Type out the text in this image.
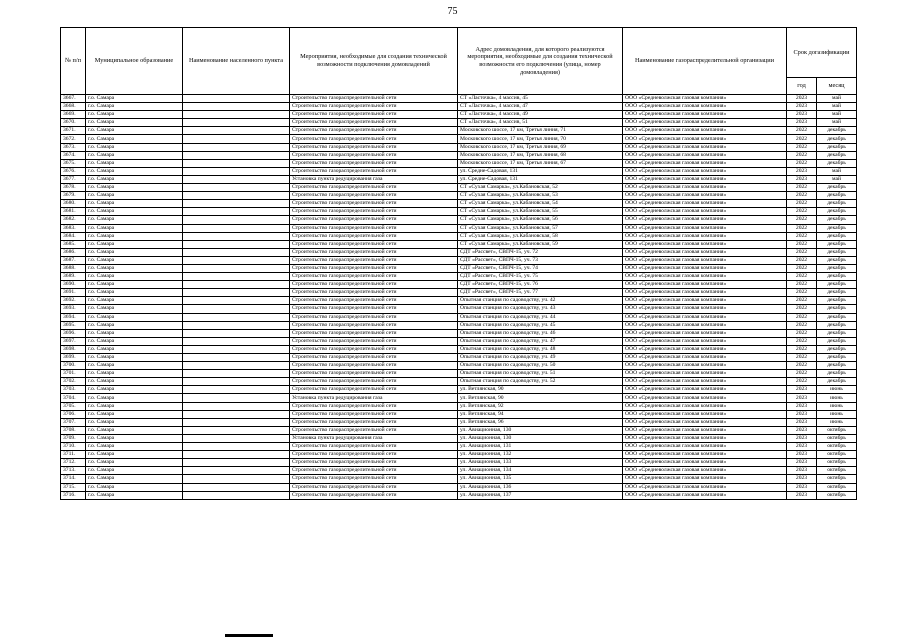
75
№ п/п	Муниципальное образование	Наименование населенного пункта	Мероприятия, необходимые для создания технической возможности подключения домовладений	Адрес домовладения, для которого реализуются мероприятия, необходимые для создания технической возможности его подключения (улица, номер домовладения)	Наименование газораспределительной организации	Срок догазификации	
						год	месяц
3667.	г.о. Самара		Строительство газораспределительной сети	СТ «Ласточка», 4 массив, 45	ООО «Средневолжская газовая компания»	2023	май
3668.	г.о. Самара		Строительство газораспределительной сети	СТ «Ласточка», 4 массив, 47	ООО «Средневолжская газовая компания»	2023	май
3669.	г.о. Самара		Строительство газораспределительной сети	СТ «Ласточка», 4 массив, 49	ООО «Средневолжская газовая компания»	2023	май
3670.	г.о. Самара		Строительство газораспределительной сети	СТ «Ласточка», 4 массив, 51	ООО «Средневолжская газовая компания»	2023	май
3671.	г.о. Самара		Строительство газораспределительной сети	Московского шоссе, 17 км, Третья линия, 71	ООО «Средневолжская газовая компания»	2022	декабрь
3672.	г.о. Самара		Строительство газораспределительной сети	Московского шоссе, 17 км, Третья линия, 70	ООО «Средневолжская газовая компания»	2022	декабрь
3673.	г.о. Самара		Строительство газораспределительной сети	Московского шоссе, 17 км, Третья линия, 69	ООО «Средневолжская газовая компания»	2022	декабрь
3674.	г.о. Самара		Строительство газораспределительной сети	Московского шоссе, 17 км, Третья линия, 68	ООО «Средневолжская газовая компания»	2022	декабрь
3675.	г.о. Самара		Строительство газораспределительной сети	Московского шоссе, 17 км, Третья линия, 67	ООО «Средневолжская газовая компания»	2022	декабрь
3676.	г.о. Самара		Строительство газораспределительной сети	ул. Средне-Садовая, 131	ООО «Средневолжская газовая компания»	2023	май
3677.	г.о. Самара		Установка пункта редуцирования газа	ул. Средне-Садовая, 131	ООО «Средневолжская газовая компания»	2023	май
3678.	г.о. Самара		Строительство газораспределительной сети	СТ «Сухая Самарка», ул.Кабановская, 52	ООО «Средневолжская газовая компания»	2022	декабрь
3679.	г.о. Самара		Строительство газораспределительной сети	СТ «Сухая Самарка», ул.Кабановская, 53	ООО «Средневолжская газовая компания»	2022	декабрь
3680.	г.о. Самара		Строительство газораспределительной сети	СТ «Сухая Самарка», ул.Кабановская, 54	ООО «Средневолжская газовая компания»	2022	декабрь
3681.	г.о. Самара		Строительство газораспределительной сети	СТ «Сухая Самарка», ул.Кабановская, 55	ООО «Средневолжская газовая компания»	2022	декабрь
3682.	г.о. Самара		Строительство газораспределительной сети	СТ «Сухая Самарка», ул.Кабановская, 56	ООО «Средневолжская газовая компания»	2022	декабрь
3683.	г.о. Самара		Строительство газораспределительной сети	СТ «Сухая Самарка», ул.Кабановская, 57	ООО «Средневолжская газовая компания»	2022	декабрь
3684.	г.о. Самара		Строительство газораспределительной сети	СТ «Сухая Самарка», ул.Кабановская, 58	ООО «Средневолжская газовая компания»	2022	декабрь
3685.	г.о. Самара		Строительство газораспределительной сети	СТ «Сухая Самарка», ул.Кабановская, 59	ООО «Средневолжская газовая компания»	2022	декабрь
3686.	г.о. Самара		Строительство газораспределительной сети	СДТ «Рассвет», СВПЧ-15, уч. 72	ООО «Средневолжская газовая компания»	2022	декабрь
3687.	г.о. Самара		Строительство газораспределительной сети	СДТ «Рассвет», СВПЧ-15, уч. 73	ООО «Средневолжская газовая компания»	2022	декабрь
3688.	г.о. Самара		Строительство газораспределительной сети	СДТ «Рассвет», СВПЧ-15, уч. 74	ООО «Средневолжская газовая компания»	2022	декабрь
3689.	г.о. Самара		Строительство газораспределительной сети	СДТ «Рассвет», СВПЧ-15, уч. 75	ООО «Средневолжская газовая компания»	2022	декабрь
3690.	г.о. Самара		Строительство газораспределительной сети	СДТ «Рассвет», СВПЧ-15, уч. 76	ООО «Средневолжская газовая компания»	2022	декабрь
3691.	г.о. Самара		Строительство газораспределительной сети	СДТ «Рассвет», СВПЧ-15, уч. 77	ООО «Средневолжская газовая компания»	2022	декабрь
3692.	г.о. Самара		Строительство газораспределительной сети	Опытная станция по садоводству, уч. 42	ООО «Средневолжская газовая компания»	2022	декабрь
3693.	г.о. Самара		Строительство газораспределительной сети	Опытная станция по садоводству, уч. 43	ООО «Средневолжская газовая компания»	2022	декабрь
3694.	г.о. Самара		Строительство газораспределительной сети	Опытная станция по садоводству, уч. 44	ООО «Средневолжская газовая компания»	2022	декабрь
3695.	г.о. Самара		Строительство газораспределительной сети	Опытная станция по садоводству, уч. 45	ООО «Средневолжская газовая компания»	2022	декабрь
3696.	г.о. Самара		Строительство газораспределительной сети	Опытная станция по садоводству, уч. 46	ООО «Средневолжская газовая компания»	2022	декабрь
3697.	г.о. Самара		Строительство газораспределительной сети	Опытная станция по садоводству, уч. 47	ООО «Средневолжская газовая компания»	2022	декабрь
3698.	г.о. Самара		Строительство газораспределительной сети	Опытная станция по садоводству, уч. 48	ООО «Средневолжская газовая компания»	2022	декабрь
3699.	г.о. Самара		Строительство газораспределительной сети	Опытная станция по садоводству, уч. 49	ООО «Средневолжская газовая компания»	2022	декабрь
3700.	г.о. Самара		Строительство газораспределительной сети	Опытная станция по садоводству, уч. 50	ООО «Средневолжская газовая компания»	2022	декабрь
3701.	г.о. Самара		Строительство газораспределительной сети	Опытная станция по садоводству, уч. 51	ООО «Средневолжская газовая компания»	2022	декабрь
3702.	г.о. Самара		Строительство газораспределительной сети	Опытная станция по садоводству, уч. 52	ООО «Средневолжская газовая компания»	2022	декабрь
3703.	г.о. Самара		Строительство газораспределительной сети	ул. Ветлянская, 90	ООО «Средневолжская газовая компания»	2023	июнь
3704.	г.о. Самара		Установка пункта редуцирования газа	ул. Ветлянская, 90	ООО «Средневолжская газовая компания»	2023	июнь
3705.	г.о. Самара		Строительство газораспределительной сети	ул. Ветлянская, 92	ООО «Средневолжская газовая компания»	2023	июнь
3706.	г.о. Самара		Строительство газораспределительной сети	ул. Ветлянская, 94	ООО «Средневолжская газовая компания»	2023	июнь
3707.	г.о. Самара		Строительство газораспределительной сети	ул. Ветлянская, 96	ООО «Средневолжская газовая компания»	2023	июнь
3708.	г.о. Самара		Строительство газораспределительной сети	ул. Авиационная, 130	ООО «Средневолжская газовая компания»	2023	октябрь
3709.	г.о. Самара		Установка пункта редуцирования газа	ул. Авиационная, 130	ООО «Средневолжская газовая компания»	2023	октябрь
3710.	г.о. Самара		Строительство газораспределительной сети	ул. Авиационная, 131	ООО «Средневолжская газовая компания»	2023	октябрь
3711.	г.о. Самара		Строительство газораспределительной сети	ул. Авиационная, 132	ООО «Средневолжская газовая компания»	2023	октябрь
3712.	г.о. Самара		Строительство газораспределительной сети	ул. Авиационная, 133	ООО «Средневолжская газовая компания»	2023	октябрь
3713.	г.о. Самара		Строительство газораспределительной сети	ул. Авиационная, 134	ООО «Средневолжская газовая компания»	2023	октябрь
3714.	г.о. Самара		Строительство газораспределительной сети	ул. Авиационная, 135	ООО «Средневолжская газовая компания»	2023	октябрь
3715.	г.о. Самара		Строительство газораспределительной сети	ул. Авиационная, 136	ООО «Средневолжская газовая компания»	2023	октябрь
3716.	г.о. Самара		Строительство газораспределительной сети	ул. Авиационная, 137	ООО «Средневолжская газовая компания»	2023	октябрь
